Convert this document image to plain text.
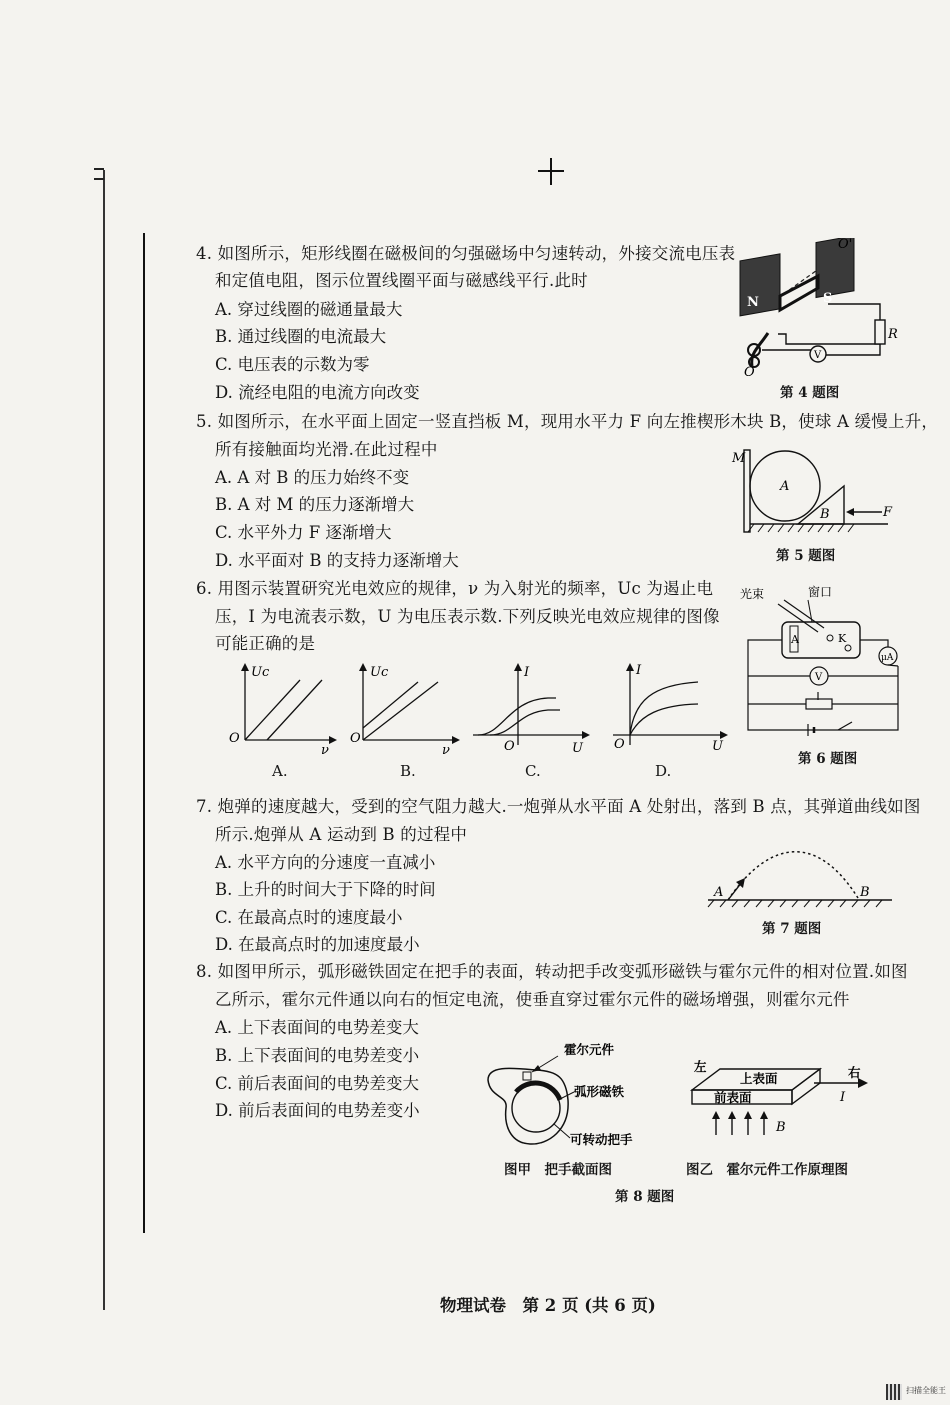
4. 如图所示，矩形线圈在磁极间的匀强磁场中匀速转动，外接交流电压表
和定值电阻，图示位置线圈平面与磁感线平行.此时
A. 穿过线圈的磁通量最大
B. 通过线圈的电流最大
C. 电压表的示数为零
D. 流经电阻的电流方向改变
N	S
O'
O
R
V
第 4 题图
5. 如图所示，在水平面上固定一竖直挡板 M，现用水平力 F 向左推楔形木块 B，使球 A 缓慢上升，
所有接触面均光滑.在此过程中
A. A 对 B 的压力始终不变
B. A 对 M 的压力逐渐增大
C. 水平外力 F 逐渐增大
D. 水平面对 B 的支持力逐渐增大
M
A
B	F
第 5 题图
6. 用图示装置研究光电效应的规律，ν 为入射光的频率，Uc 为遏止电
压，I 为电流表示数，U 为电压表示数.下列反映光电效应规律的图像
可能正确的是
Uc
ν
O
A.
Uc
ν
O
B.
I
U
O
C.
I
U
O
D.
光束	窗口
A	K
μA
V
第 6 题图
7. 炮弹的速度越大，受到的空气阻力越大.一炮弹从水平面 A 处射出，落到 B 点，其弹道曲线如图
所示.炮弹从 A 运动到 B 的过程中
A. 水平方向的分速度一直减小
B. 上升的时间大于下降的时间
C. 在最高点时的速度最小
D. 在最高点时的加速度最小
A	B
第 7 题图
8. 如图甲所示，弧形磁铁固定在把手的表面，转动把手改变弧形磁铁与霍尔元件的相对位置.如图
乙所示，霍尔元件通以向右的恒定电流，使垂直穿过霍尔元件的磁场增强，则霍尔元件
A. 上下表面间的电势差变大
B. 上下表面间的电势差变小
C. 前后表面间的电势差变大
D. 前后表面间的电势差变小
霍尔元件
弧形磁铁
可转动把手
图甲　把手截面图
左	右
上表面
前表面	I
B
图乙　霍尔元件工作原理图
第 8 题图
物理试卷　第 2 页 (共 6 页)
扫描全能王
